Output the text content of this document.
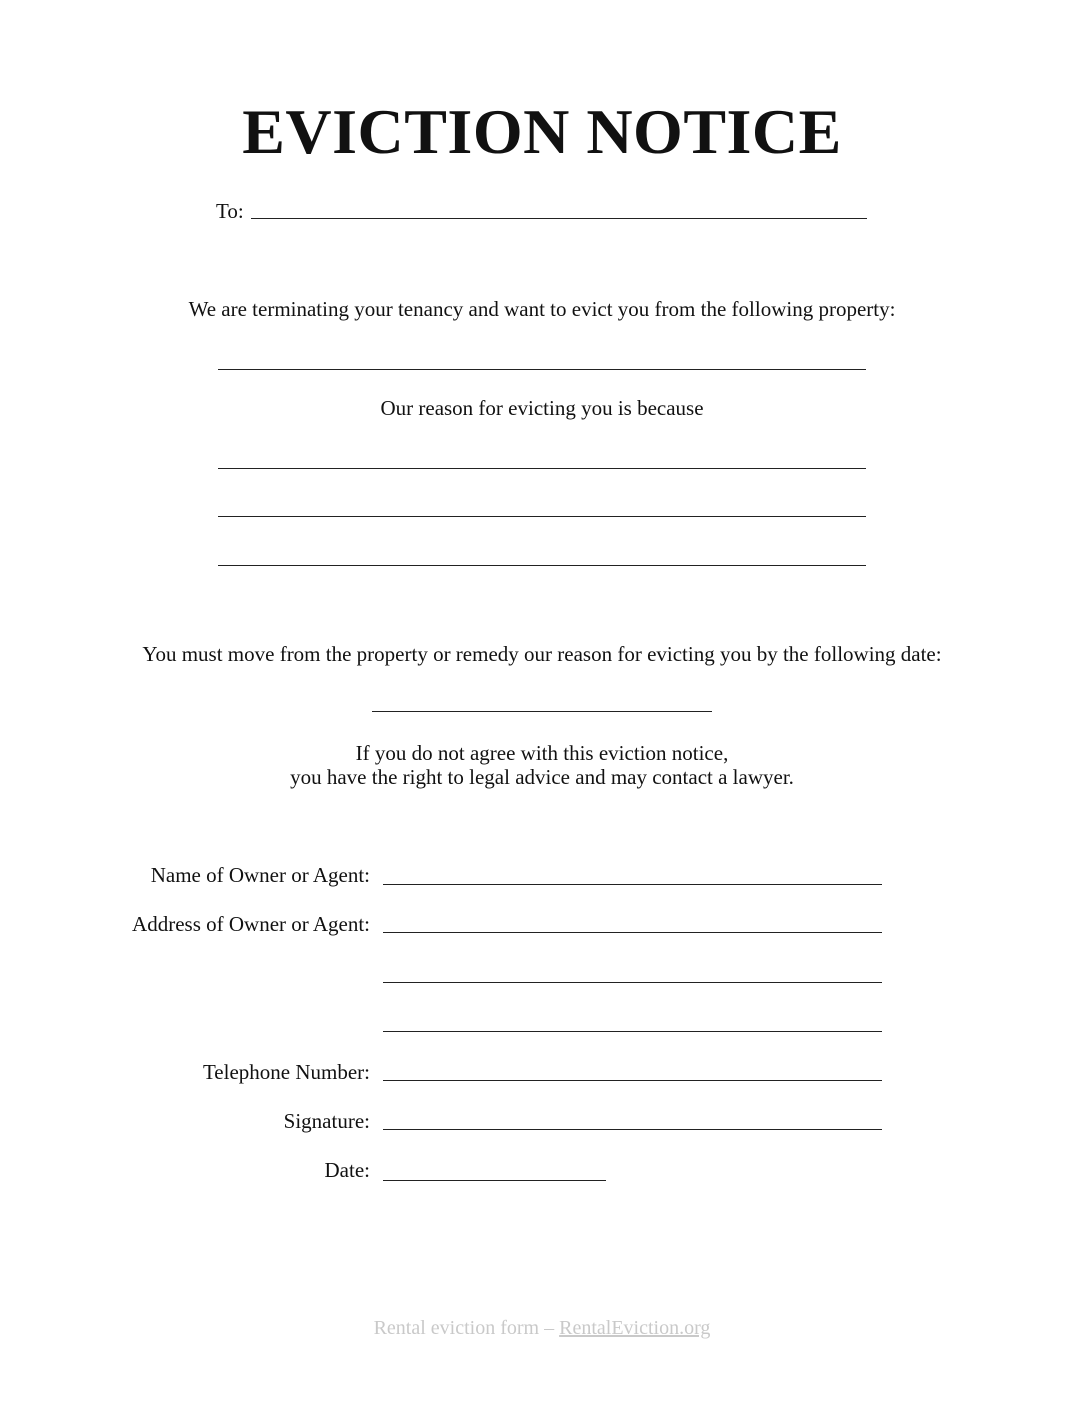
EVICTION NOTICE
To:
We are terminating your tenancy and want to evict you from the following property:
Our reason for evicting you is because
You must move from the property or remedy our reason for evicting you by the following date:
If you do not agree with this eviction notice,
you have the right to legal advice and may contact a lawyer.
Name of Owner or Agent:
Address of Owner or Agent:
Telephone Number:
Signature:
Date:
Rental eviction form – RentalEviction.org
